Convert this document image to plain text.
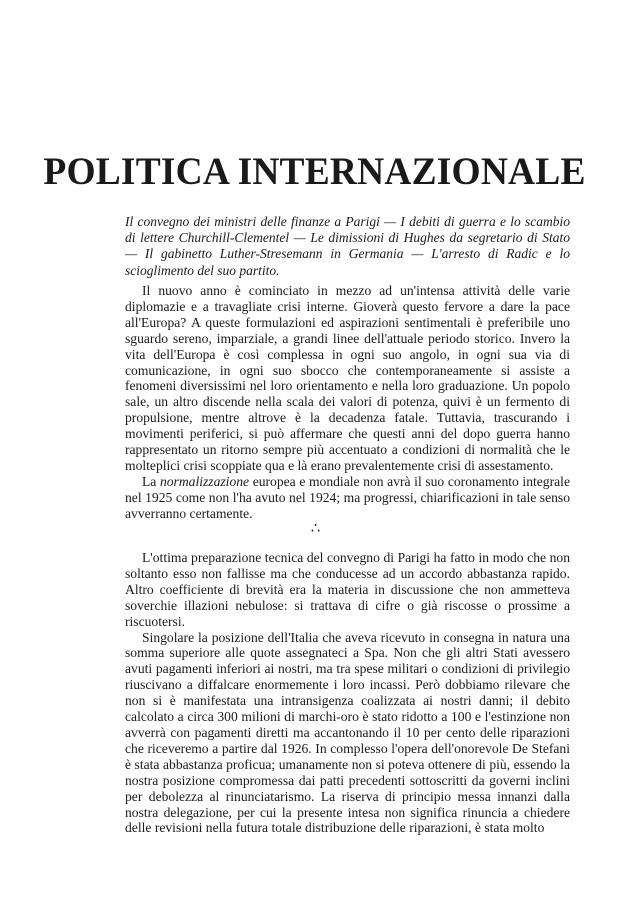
POLITICA INTERNAZIONALE

Il convegno dei ministri delle finanze a Parigi — I debiti di guerra e lo scambio di lettere Churchill-Clementel — Le dimissioni di Hughes da segretario di Stato — Il gabinetto Luther-Stresemann in Germania — L'arresto di Radic e lo scioglimento del suo partito.

Il nuovo anno è cominciato in mezzo ad un'intensa attività delle varie diplomazie e a travagliate crisi interne. Gioverà questo fervore a dare la pace all'Europa? A queste formulazioni ed aspirazioni sentimentali è preferibile uno sguardo sereno, imparziale, a grandi linee dell'attuale periodo storico. Invero la vita dell'Europa è così complessa in ogni suo angolo, in ogni sua via di comunicazione, in ogni suo sbocco che contemporaneamente si assiste a fenomeni diversissimi nel loro orientamento e nella loro graduazione. Un popolo sale, un altro discende nella scala dei valori di potenza, quivi è un fermento di propulsione, mentre altrove è la decadenza fatale. Tuttavia, trascurando i movimenti periferici, si può affermare che questi anni del dopo guerra hanno rappresentato un ritorno sempre più accentuato a condizioni di normalità che le molteplici crisi scoppiate qua e là erano prevalentemente crisi di assestamento.

La normalizzazione europea e mondiale non avrà il suo coronamento integrale nel 1925 come non l'ha avuto nel 1924; ma progressi, chiarificazioni in tale senso avverranno certamente.

∴

L'ottima preparazione tecnica del convegno di Parigi ha fatto in modo che non soltanto esso non fallisse ma che conducesse ad un accordo abbastanza rapido. Altro coefficiente di brevità era la materia in discussione che non ammetteva soverchie illazioni nebulose: si trattava di cifre o già riscosse o prossime a riscuotersi.

Singolare la posizione dell'Italia che aveva ricevuto in consegna in natura una somma superiore alle quote assegnateci a Spa. Non che gli altri Stati avessero avuti pagamenti inferiori ai nostri, ma tra spese militari o condizioni di privilegio riuscivano a diffalcare enormemente i loro incassi. Però dobbiamo rilevare che non si è manifestata una intransigenza coalizzata ai nostri danni; il debito calcolato a circa 300 milioni di marchi-oro è stato ridotto a 100 e l'estinzione non avverrà con pagamenti diretti ma accantonando il 10 per cento delle riparazioni che riceveremo a partire dal 1926. In complesso l'opera dell'onorevole De Stefani è stata abbastanza proficua; umanamente non si poteva ottenere di più, essendo la nostra posizione compromessa dai patti precedenti sottoscritti da governi inclini per debolezza al rinunciatarismo. La riserva di principio messa innanzi dalla nostra delegazione, per cui la presente intesa non significa rinuncia a chiedere delle revisioni nella futura totale distribuzione delle riparazioni, è stata molto
